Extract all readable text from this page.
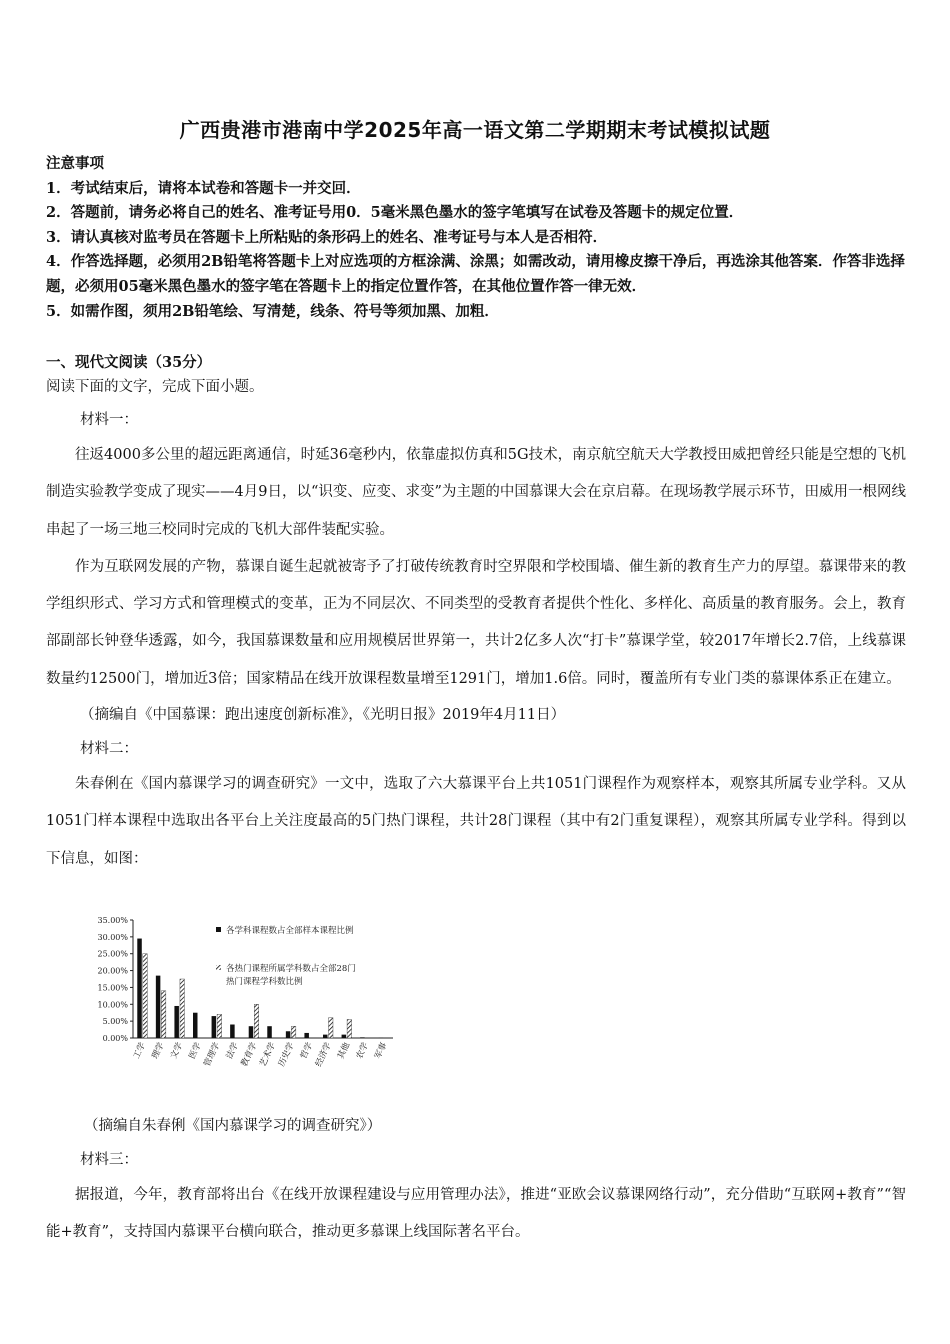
广西贵港市港南中学2025年高一语文第二学期期末考试模拟试题
注意事项

1．考试结束后，请将本试卷和答题卡一并交回．

2．答题前，请务必将自己的姓名、准考证号用0．5毫米黑色墨水的签字笔填写在试卷及答题卡的规定位置．

3．请认真核对监考员在答题卡上所粘贴的条形码上的姓名、准考证号与本人是否相符．

4．作答选择题，必须用2B铅笔将答题卡上对应选项的方框涂满、涂黑；如需改动，请用橡皮擦干净后，再选涂其他答案．作答非选择题，必须用05毫米黑色墨水的签字笔在答题卡上的指定位置作答，在其他位置作答一律无效．

5．如需作图，须用2B铅笔绘、写清楚，线条、符号等须加黑、加粗．

一、现代文阅读（35分）
阅读下面的文字，完成下面小题。

材料一：

往返4000多公里的超远距离通信，时延36毫秒内，依靠虚拟仿真和5G技术，南京航空航天大学教授田威把曾经只能是空想的飞机制造实验教学变成了现实——4月9日，以“识变、应变、求变”为主题的中国慕课大会在京启幕。在现场教学展示环节，田威用一根网线串起了一场三地三校同时完成的飞机大部件装配实验。

作为互联网发展的产物，慕课自诞生起就被寄予了打破传统教育时空界限和学校围墙、催生新的教育生产力的厚望。慕课带来的教学组织形式、学习方式和管理模式的变革，正为不同层次、不同类型的受教育者提供个性化、多样化、高质量的教育服务。会上，教育部副部长钟登华透露，如今，我国慕课数量和应用规模居世界第一，共计2亿多人次“打卡”慕课学堂，较2017年增长2.7倍，上线慕课数量约12500门，增加近3倍；国家精品在线开放课程数量增至1291门，增加1.6倍。同时，覆盖所有专业门类的慕课体系正在建立。

（摘编自《中国慕课：跑出速度创新标准》，《光明日报》2019年4月11日）

材料二：

朱春俐在《国内慕课学习的调查研究》一文中，选取了六大慕课平台上共1051门课程作为观察样本，观察其所属专业学科。又从1051门样本课程中选取出各平台上关注度最高的5门热门课程，共计28门课程（其中有2门重复课程），观察其所属专业学科。得到以下信息，如图：

35.00%
30.00%
25.00%
20.00%
15.00%
10.00%
5.00%
0.00%
各学科课程数占全部样本课程比例
各热门课程所属学科数占全部28门
热门课程学科数比例
工学 理学 文学 医学
管理学 法学
教育学
艺术学
历史学 哲学
经济学 其他 农学 军事

（摘编自朱春俐《国内慕课学习的调查研究》）

材料三：

据报道，今年，教育部将出台《在线开放课程建设与应用管理办法》，推进“亚欧会议慕课网络行动”，充分借助“互联网+教育”“智能+教育”，支持国内慕课平台横向联合，推动更多慕课上线国际著名平台。
